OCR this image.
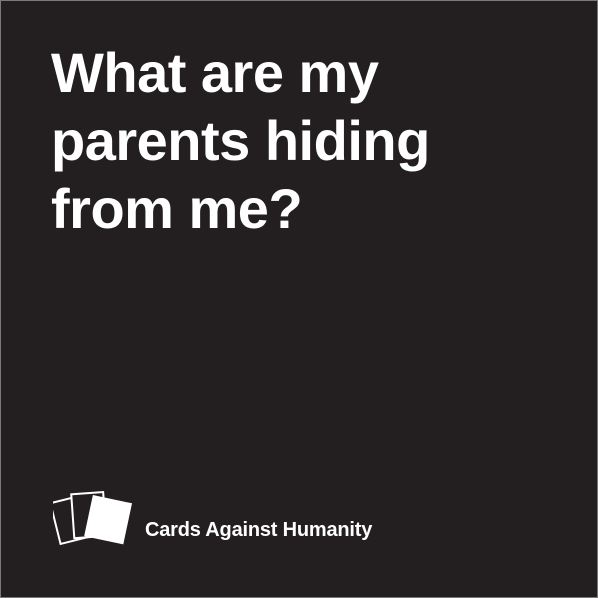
What are my parents hiding from me?

Cards Against Humanity
